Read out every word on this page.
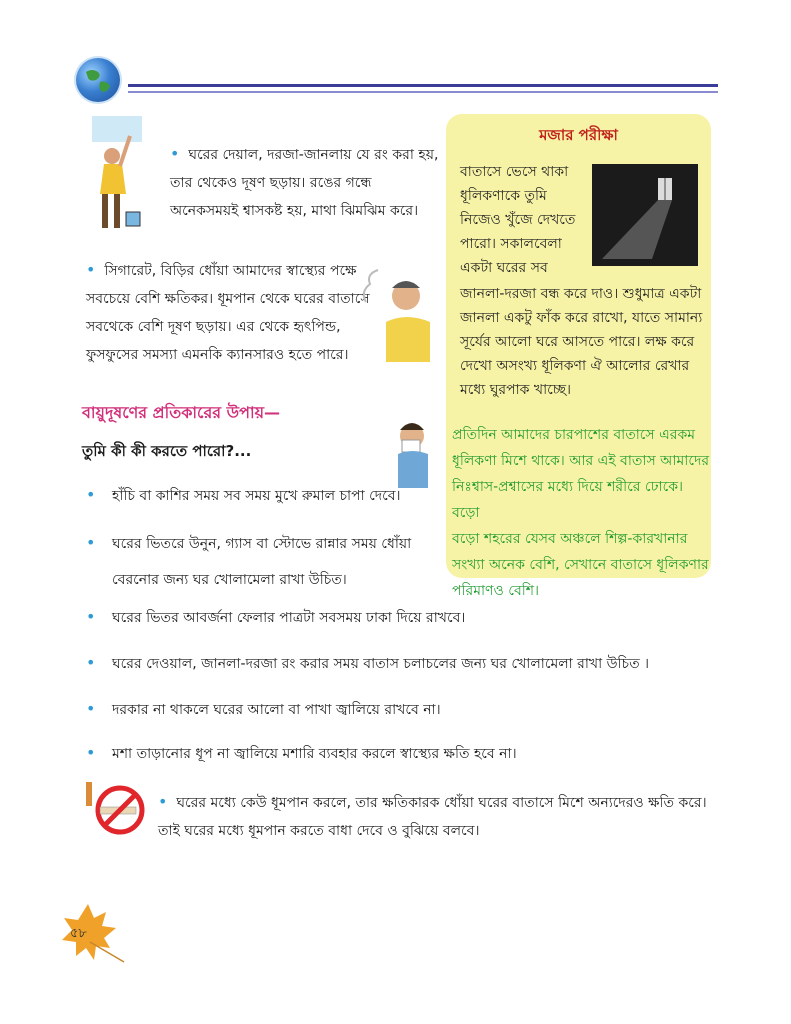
• ঘরের দেয়াল, দরজা-জানলায় যে রং করা হয়,
তার থেকেও দূষণ ছড়ায়। রঙের গন্ধে
অনেকসময়ই শ্বাসকষ্ট হয়, মাথা ঝিমঝিম করে।
• সিগারেট, বিড়ির ধোঁয়া আমাদের স্বাস্থ্যের পক্ষে
সবচেয়ে বেশি ক্ষতিকর। ধূমপান থেকে ঘরের বাতাসে
সবথেকে বেশি দূষণ ছড়ায়। এর থেকে হৃৎপিন্ড,
ফুসফুসের সমস্যা এমনকি ক্যানসারও হতে পারে।
মজার পরীক্ষা
বাতাসে ভেসে থাকা
ধূলিকণাকে তুমি
নিজেও খুঁজে দেখতে
পারো। সকালবেলা
একটা ঘরের সব
জানলা-দরজা বন্ধ করে দাও। শুধুমাত্র একটা
জানলা একটু ফাঁক করে রাখো, যাতে সামান্য
সূর্যের আলো ঘরে আসতে পারে। লক্ষ করে
দেখো অসংখ্য ধূলিকণা ঐ আলোর রেখার
মধ্যে ঘুরপাক খাচ্ছে।
প্রতিদিন আমাদের চারপাশের বাতাসে এরকম
ধূলিকণা মিশে থাকে। আর এই বাতাস আমাদের
নিঃশ্বাস-প্রশ্বাসের মধ্যে দিয়ে শরীরে ঢোকে। বড়ো
বড়ো শহরের যেসব অঞ্চলে শিল্প-কারখানার
সংখ্যা অনেক বেশি, সেখানে বাতাসে ধূলিকণার
পরিমাণও বেশি।
বায়ুদূষণের প্রতিকারের উপায়—
তুমি কী কী করতে পারো?...
• হাঁচি বা কাশির সময় সব সময় মুখে রুমাল চাপা দেবে।
• ঘরের ভিতরে উনুন, গ্যাস বা স্টোভে রান্নার সময় ধোঁয়া
বেরনোর জন্য ঘর খোলামেলা রাখা উচিত।
• ঘরের ভিতর আবর্জনা ফেলার পাত্রটা সবসময় ঢাকা দিয়ে রাখবে।
• ঘরের দেওয়াল, জানলা-দরজা রং করার সময় বাতাস চলাচলের জন্য ঘর খোলামেলা রাখা উচিত ।
• দরকার না থাকলে ঘরের আলো বা পাখা জ্বালিয়ে রাখবে না।
• মশা তাড়ানোর ধূপ না জ্বালিয়ে মশারি ব্যবহার করলে স্বাস্থ্যের ক্ষতি হবে না।
• ঘরের মধ্যে কেউ ধূমপান করলে, তার ক্ষতিকারক ধোঁয়া ঘরের বাতাসে মিশে অন্যদেরও ক্ষতি করে।
তাই ঘরের মধ্যে ধূমপান করতে বাধা দেবে ও বুঝিয়ে বলবে।
৫৮
